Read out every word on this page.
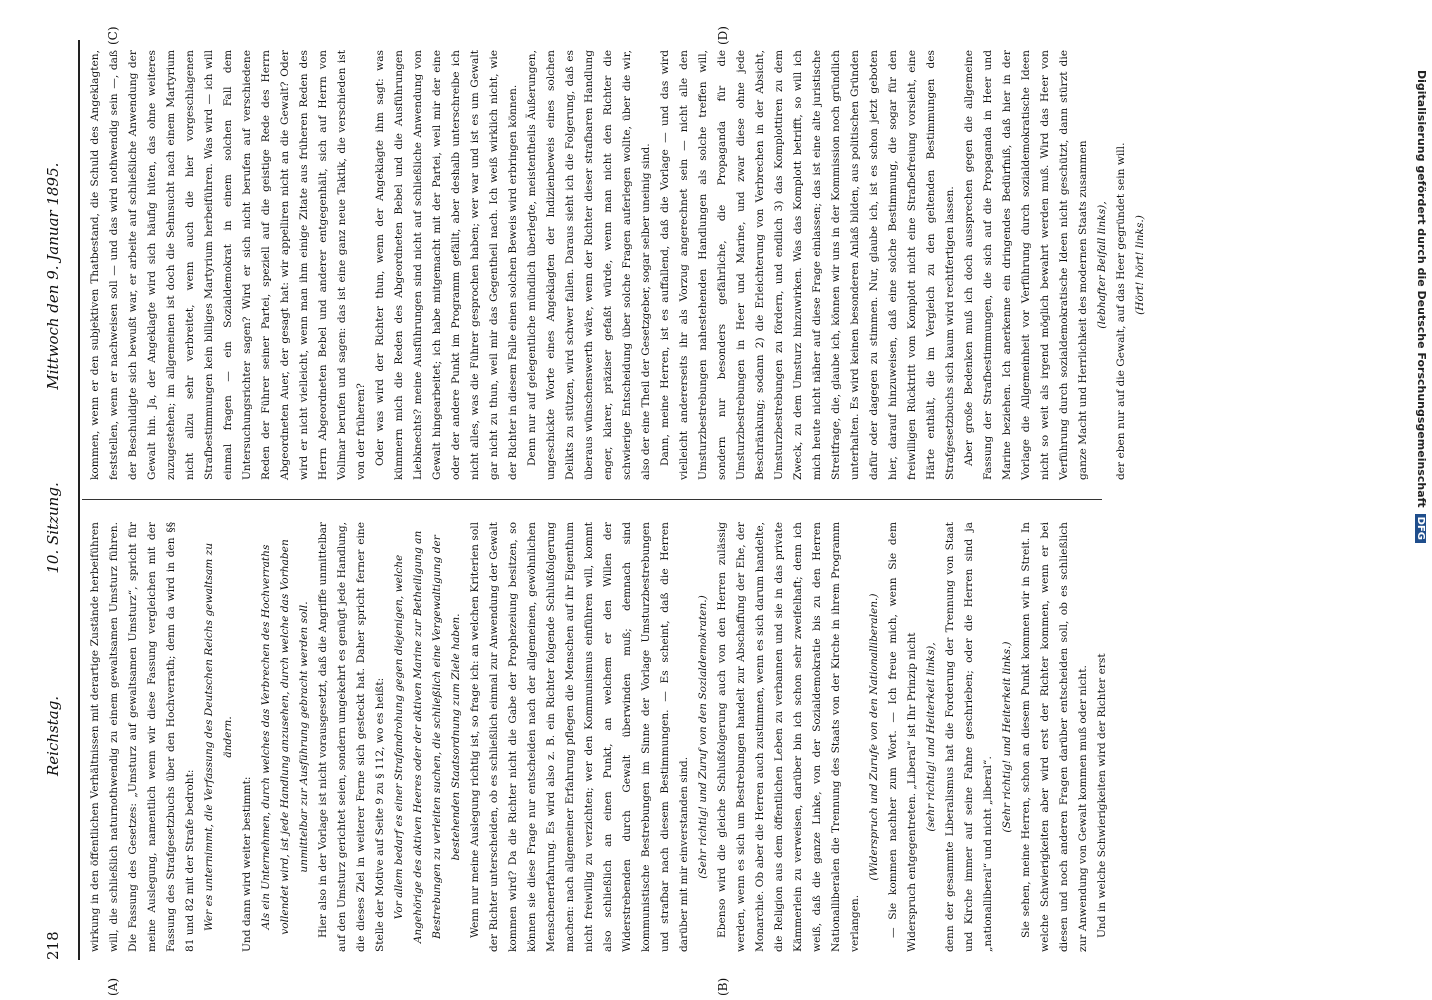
218
Reichstag.
10. Sitzung.
Mittwoch den 9. Januar 1895.
(A)	(B)
(C)	(D)

wirkung in den öffentlichen Verhältnissen mit derartige Zustände herbeiführen will, die schließlich naturnothwendig zu einem gewaltsamen Umsturz führen. Die Fassung des Gesetzes: „Umsturz auf gewaltsamen Umsturz“, spricht für meine Auslegung, namentlich wenn wir diese Fassung vergleichen mit der Fassung des Strafgesetzbuchs über den Hochverrath; denn da wird in den §§ 81 und 82 mit der Strafe bedroht: Wer es unternimmt, die Verfassung des Deutschen Reichs gewaltsam zu ändern.

Und dann wird weiter bestimmt: Als ein Unternehmen, durch welches das Verbrechen des Hochverraths vollendet wird, ist jede Handlung anzusehen, durch welche das Vorhaben unmittelbar zur Ausführung gebracht werden soll. Hier also in der Vorlage ist nicht vorausgesetzt, daß die Angriffe unmittelbar auf den Umsturz gerichtet seien, sondern umgekehrt es genügt jede Handlung, die dieses Ziel in weiterer Ferne sich gesteckt hat. Daher spricht ferner eine Stelle der Motive auf Seite 9 zu § 112, wo es heißt: Vor allem bedarf es einer Strafandrohung gegen diejenigen, welche Angehörige des aktiven Heeres oder der aktiven Marine zur Betheiligung an Bestrebungen zu verleiten suchen, die schließlich eine Vergewaltigung der bestehenden Staatsordnung zum Ziele haben. Wenn nur meine Auslegung richtig ist, so frage ich: an welchen Kriterien soll der Richter unterscheiden, ob es schließlich einmal zur Anwendung der Gewalt kommen wird? Da die Richter nicht die Gabe der Prophezeiung besitzen, so können sie diese Frage nur entscheiden nach der allgemeinen, gewöhnlichen Menschenerfahrung. Es wird also z. B. ein Richter folgende Schlußfolgerung machen: nach allgemeiner Erfahrung pflegen die Menschen auf ihr Eigenthum nicht freiwillig zu verzichten; wer den Kommunismus einführen will, kommt also schließlich an einen Punkt, an welchem er den Willen der Widerstrebenden durch Gewalt überwinden muß; demnach sind kommunistische Bestrebungen im Sinne der Vorlage Umsturzbestrebungen und strafbar nach diesem Bestimmungen. — Es scheint, daß die Herren darüber mit mir einverstanden sind. (Sehr richtig! und Zuruf von den Sozialdemokraten.) Ebenso wird die gleiche Schlußfolgerung auch von den Herren zulässig werden, wenn es sich um Bestrebungen handelt zur Abschaffung der Ehe, der Monarchie. Ob aber die Herren auch zustimmen, wenn es sich darum handelte, die Religion aus dem öffentlichen Leben zu verbannen und sie in das private Kämmerlein zu verweisen, darüber bin ich schon sehr zweifelhaft; denn ich weiß, daß die ganze Linke, von der Sozialdemokratie bis zu den Herren Nationalliberalen die Trennung des Staats von der Kirche in ihrem Programm verlangen.

(Widerspruch und Zurufe von den Nationalliberalen.) — Sie kommen nachher zum Wort. — Ich freue mich, wenn Sie dem Widerspruch entgegentreten. „Liberal“ ist Ihr Prinzip nicht (sehr richtig! und Heiterkeit links), denn der gesammte Liberalismus hat die Forderung der Trennung von Staat und Kirche immer auf seine Fahne geschrieben; oder die Herren sind ja „nationalliberal“ und nicht „liberal“.

(Sehr richtig! und Heiterkeit links.) Sie sehen, meine Herren, schon an diesem Punkt kommen wir in Streit. In welche Schwierigkeiten aber wird erst der Richter kommen, wenn er bei diesen und noch anderen Fragen darüber entscheiden soll, ob es schließlich zur Anwendung von Gewalt kommen muß oder nicht. Und in welche Schwierigkeiten wird der Richter erst

kommen, wenn er den subjektiven Thatbestand, die Schuld des Angeklagten, feststellen, wenn er nachweisen soll — und das wird nothwendig sein —, daß der Beschuldigte sich bewußt war, er arbeite auf schließliche Anwendung der Gewalt hin. Ja, der Angeklagte wird sich häufig hüten, das ohne weiteres zuzugestehen; im allgemeinen ist doch die Sehnsucht nach einem Martyrium nicht allzu sehr verbreitet, wenn auch die hier vorgeschlagenen Strafbestimmungen kein billiges Martyrium herbeiführen. Was wird — ich will einmal fragen — ein Sozialdemokrat in einem solchen Fall dem Untersuchungsrichter sagen? Wird er sich nicht berufen auf verschiedene Reden der Führer seiner Partei, speziell auf die geistige Rede des Herrn Abgeordneten Auer, der gesagt hat: wir appelliren nicht an die Gewalt? Oder wird er nicht vielleicht, wenn man ihm einige Zitate aus früheren Reden des Herrn Abgeordneten Bebel und anderer entgegenhält, sich auf Herrn von Vollmar berufen und sagen: das ist eine ganz neue Taktik, die verschieden ist von der früheren? Oder was wird der Richter thun, wenn der Angeklagte ihm sagt: was kümmern mich die Reden des Abgeordneten Bebel und die Ausführungen Liebknechts? meine Ausführungen sind nicht auf schließliche Anwendung von Gewalt hingearbeitet; ich habe mitgemacht mit der Partei, weil mir der eine oder der andere Punkt im Programm gefällt, aber deshalb unterschreibe ich nicht alles, was die Führer gesprochen haben; wer war und ist es um Gewalt gar nicht zu thun, weil mir das Gegentheil nach. Ich weiß wirklich nicht, wie der Richter in diesem Falle einen solchen Beweis wird erbringen können. Denn nur auf gelegentliche mündlich überlegte, meistentheils Äußerungen, ungeschickte Worte eines Angeklagten der Indizienbeweis eines solchen Delikts zu stützen, wird schwer fallen. Daraus sieht ich die Folgerung, daß es überaus wünschenswerth wäre, wenn der Richter dieser strafbaren Handlung enger, klarer, präziser gefaßt würde, wenn man nicht den Richter die schwierige Entscheidung über solche Fragen auferlegen wollte, über die wir, also der eine Theil der Gesetzgeber, sogar selber uneinig sind. Dann, meine Herren, ist es auffallend, daß die Vorlage — und das wird vielleicht andererseits ihr als Vorzug angerechnet sein — nicht alle den Umsturzbestrebungen nahestehenden Handlungen als solche treffen will, sondern nur besonders gefährliche, die Propaganda für die Umsturzbestrebungen in Heer und Marine, und zwar diese ohne jede Beschränkung; sodann 2) die Erleichterung von Verbrechen in der Absicht, Umsturzbestrebungen zu fördern, und endlich 3) das Komplottiren zu dem Zweck, zu dem Umsturz hinzuwirken. Was das Komplott betrifft, so will ich mich heute nicht näher auf diese Frage einlassen; das ist eine alte juristische Streitfrage, die, glaube ich, können wir uns in der Kommission noch gründlich unterhalten. Es wird keinen besonderen Anlaß bilden, aus politischen Gründen dafür oder dagegen zu stimmen. Nur, glaube ich, ist es schon jetzt geboten hier, darauf hinzuweisen, daß eine solche Bestimmung, die sogar für den freiwilligen Rücktritt vom Komplott nicht eine Strafbefreiung vorsieht, eine Härte enthält, die im Vergleich zu den geltenden Bestimmungen des Strafgesetzbuchs sich kaum wird rechtfertigen lassen. Aber große Bedenken muß ich doch aussprechen gegen die allgemeine Fassung der Strafbestimmungen, die sich auf die Propaganda in Heer und Marine beziehen. Ich anerkenne ein dringendes Bedürfniß, daß hier in der Vorlage die Allgemeinheit vor Verführung durch sozialdemokratische Ideen nicht so weit als irgend möglich bewahrt werden muß. Wird das Heer von Verführung durch sozialdemokratische Ideen nicht geschützt, dann stürzt die ganze Macht und Herrlichkeit des modernen Staats zusammen (lebhafter Beifall links), der eben nur auf die Gewalt, auf das Heer gegründet sein will. (Hört! hört! links.)	Digitalisierung gefördert durch die Deutsche ForschungsgemeinschaftDFG
